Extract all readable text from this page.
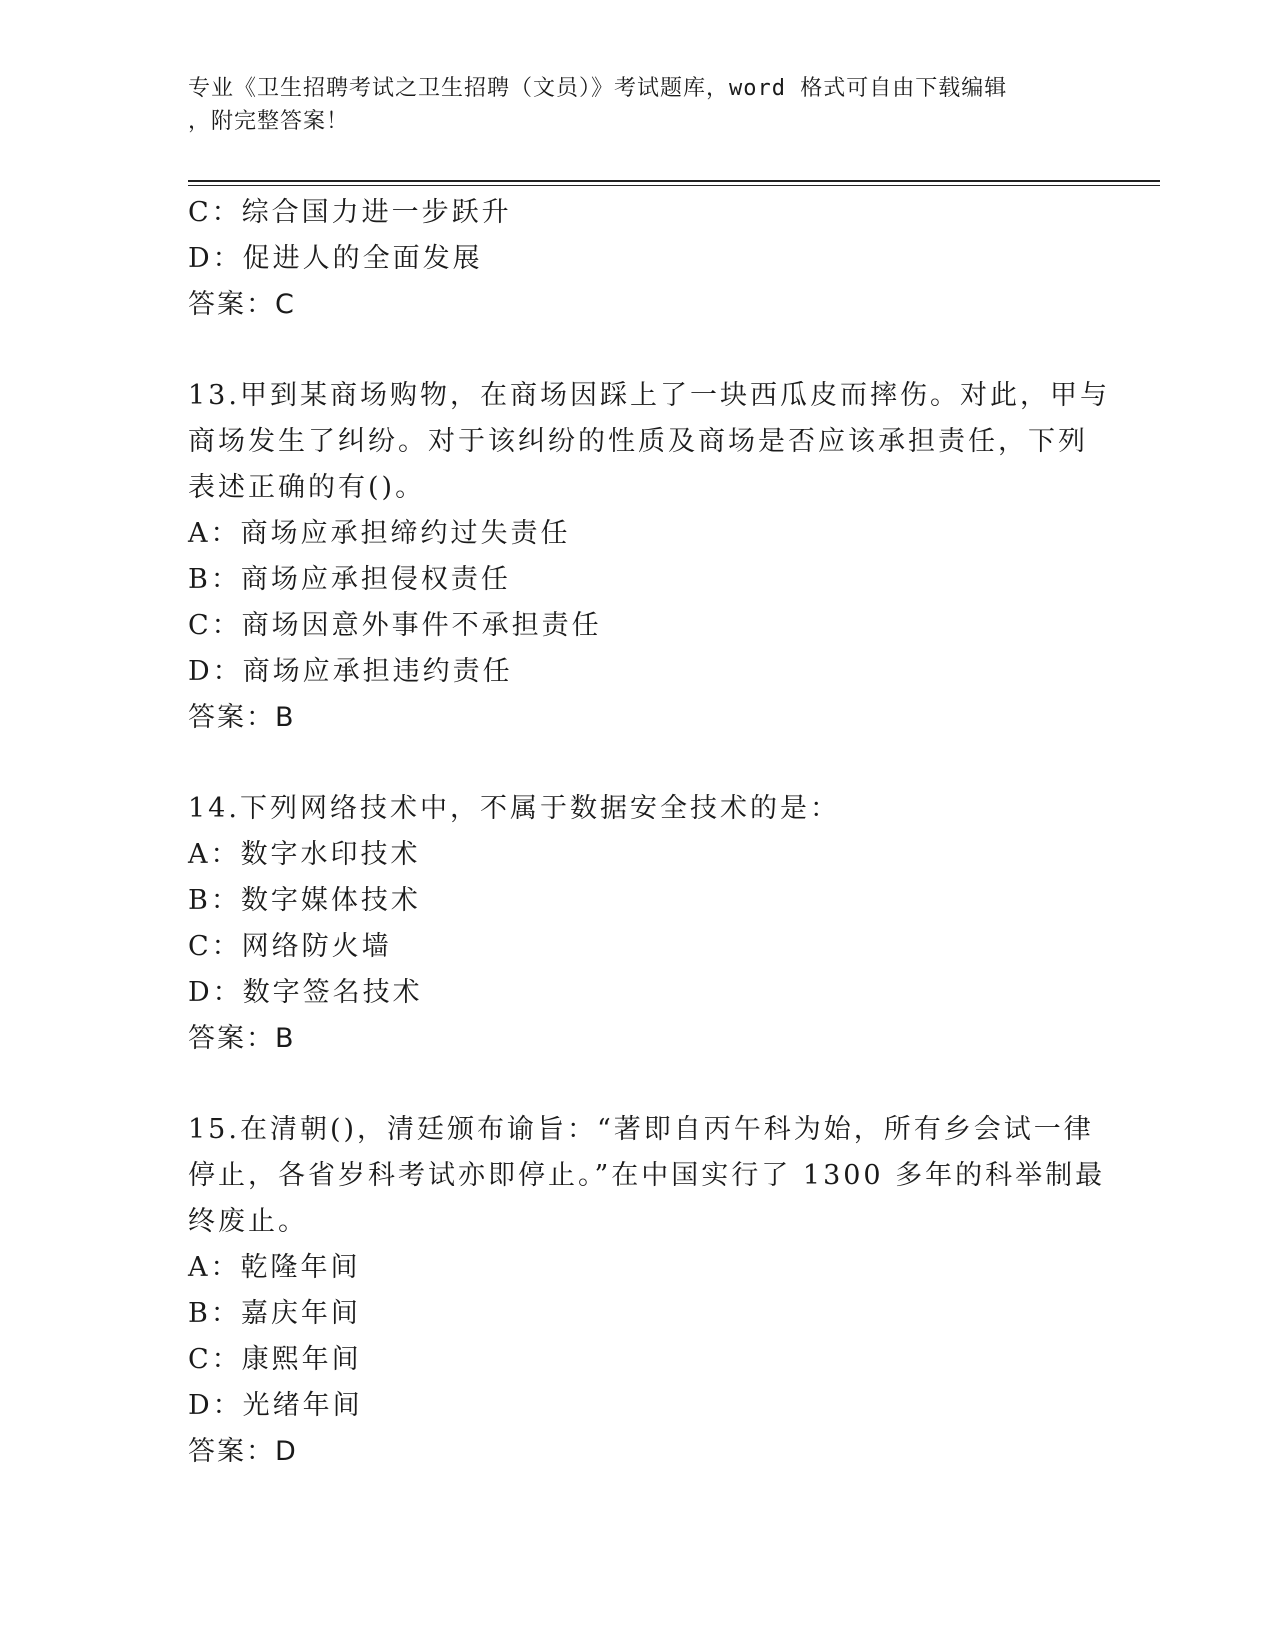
专业《卫生招聘考试之卫生招聘（文员）》考试题库，word 格式可自由下载编辑
，附完整答案！
C：综合国力进一步跃升
D：促进人的全面发展
答案：C
13.甲到某商场购物，在商场因踩上了一块西瓜皮而摔伤。对此，甲与
商场发生了纠纷。对于该纠纷的性质及商场是否应该承担责任，下列
表述正确的有()。
A：商场应承担缔约过失责任
B：商场应承担侵权责任
C：商场因意外事件不承担责任
D：商场应承担违约责任
答案：B
14.下列网络技术中，不属于数据安全技术的是：
A：数字水印技术
B：数字媒体技术
C：网络防火墙
D：数字签名技术
答案：B
15.在清朝()，清廷颁布谕旨：“著即自丙午科为始，所有乡会试一律
停止，各省岁科考试亦即停止。”在中国实行了 1300 多年的科举制最
终废止。
A：乾隆年间
B：嘉庆年间
C：康熙年间
D：光绪年间
答案：D
